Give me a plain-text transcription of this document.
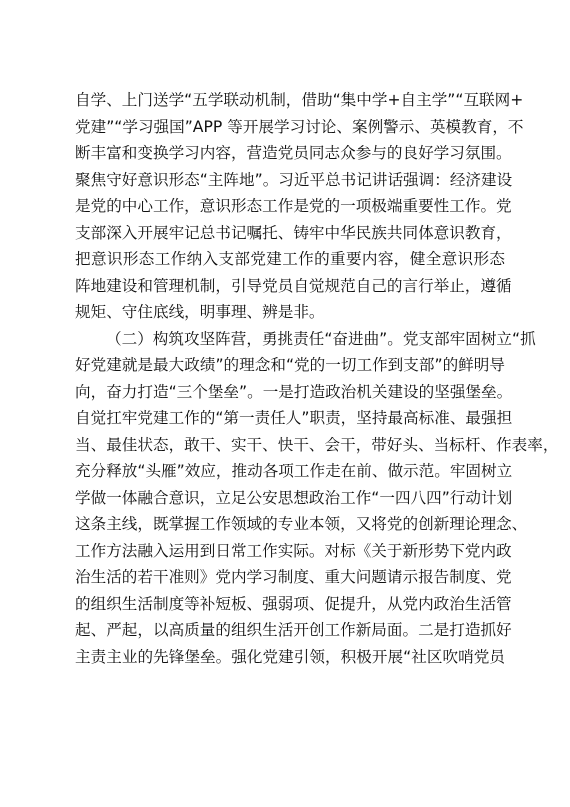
自学、上门送学“五学联动机制，借助“集中学+自主学”“互联网+
党建”“学习强国”APP 等开展学习讨论、案例警示、英模教育，不
断丰富和变换学习内容，营造党员同志众参与的良好学习氛围。
聚焦守好意识形态“主阵地”。习近平总书记讲话强调：经济建设
是党的中心工作，意识形态工作是党的一项极端重要性工作。党
支部深入开展牢记总书记嘱托、铸牢中华民族共同体意识教育，
把意识形态工作纳入支部党建工作的重要内容，健全意识形态
阵地建设和管理机制，引导党员自觉规范自己的言行举止，遵循
规矩、守住底线，明事理、辨是非。
（二）构筑攻坚阵营，勇挑责任“奋进曲”。党支部牢固树立“抓
好党建就是最大政绩”的理念和“党的一切工作到支部”的鲜明导
向，奋力打造“三个堡垒”。一是打造政治机关建设的坚强堡垒。
自觉扛牢党建工作的“第一责任人”职责，坚持最高标准、最强担
当、最佳状态，敢干、实干、快干、会干，带好头、当标杆、作表率，
充分释放“头雁”效应，推动各项工作走在前、做示范。牢固树立
学做一体融合意识，立足公安思想政治工作“一四八四”行动计划
这条主线，既掌握工作领域的专业本领，又将党的创新理论理念、
工作方法融入运用到日常工作实际。对标《关于新形势下党内政
治生活的若干准则》党内学习制度、重大问题请示报告制度、党
的组织生活制度等补短板、强弱项、促提升，从党内政治生活管
起、严起，以高质量的组织生活开创工作新局面。二是打造抓好
主责主业的先锋堡垒。强化党建引领，积极开展“社区吹哨党员
